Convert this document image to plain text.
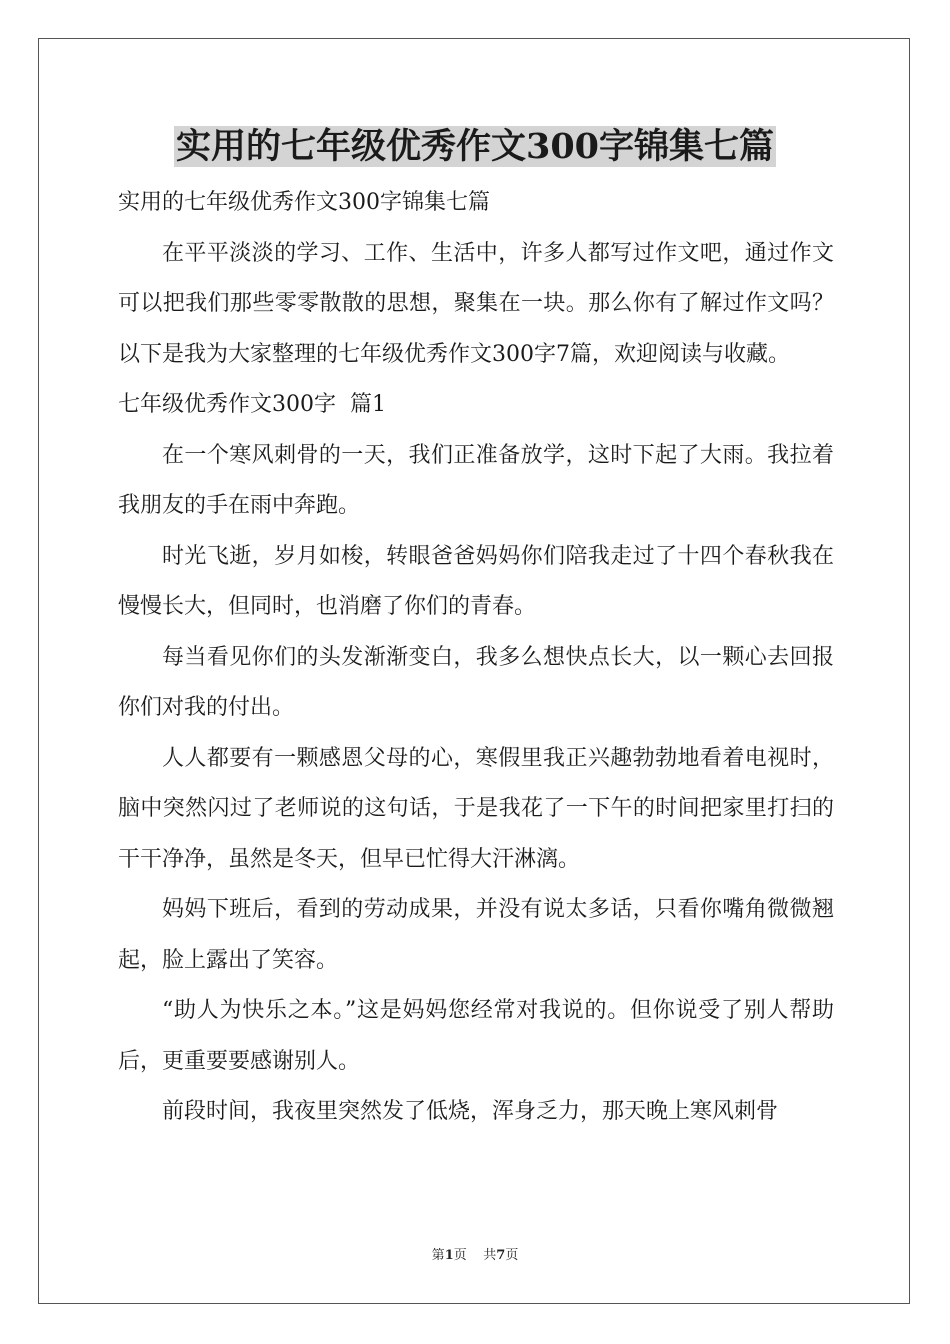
实用的七年级优秀作文300字锦集七篇

实用的七年级优秀作文300字锦集七篇

在平平淡淡的学习、工作、生活中，许多人都写过作文吧，通过作文可以把我们那些零零散散的思想，聚集在一块。那么你有了解过作文吗？以下是我为大家整理的七年级优秀作文300字7篇，欢迎阅读与收藏。

七年级优秀作文300字  篇1

在一个寒风刺骨的一天，我们正准备放学，这时下起了大雨。我拉着我朋友的手在雨中奔跑。

时光飞逝，岁月如梭，转眼爸爸妈妈你们陪我走过了十四个春秋我在慢慢长大，但同时，也消磨了你们的青春。

每当看见你们的头发渐渐变白，我多么想快点长大，以一颗心去回报你们对我的付出。

人人都要有一颗感恩父母的心，寒假里我正兴趣勃勃地看着电视时，脑中突然闪过了老师说的这句话，于是我花了一下午的时间把家里打扫的干干净净，虽然是冬天，但早已忙得大汗淋漓。

妈妈下班后，看到的劳动成果，并没有说太多话，只看你嘴角微微翘起，脸上露出了笑容。

“助人为快乐之本。”这是妈妈您经常对我说的。但你说受了别人帮助后，更重要要感谢别人。

前段时间，我夜里突然发了低烧，浑身乏力，那天晚上寒风刺骨

第1页    共7页
